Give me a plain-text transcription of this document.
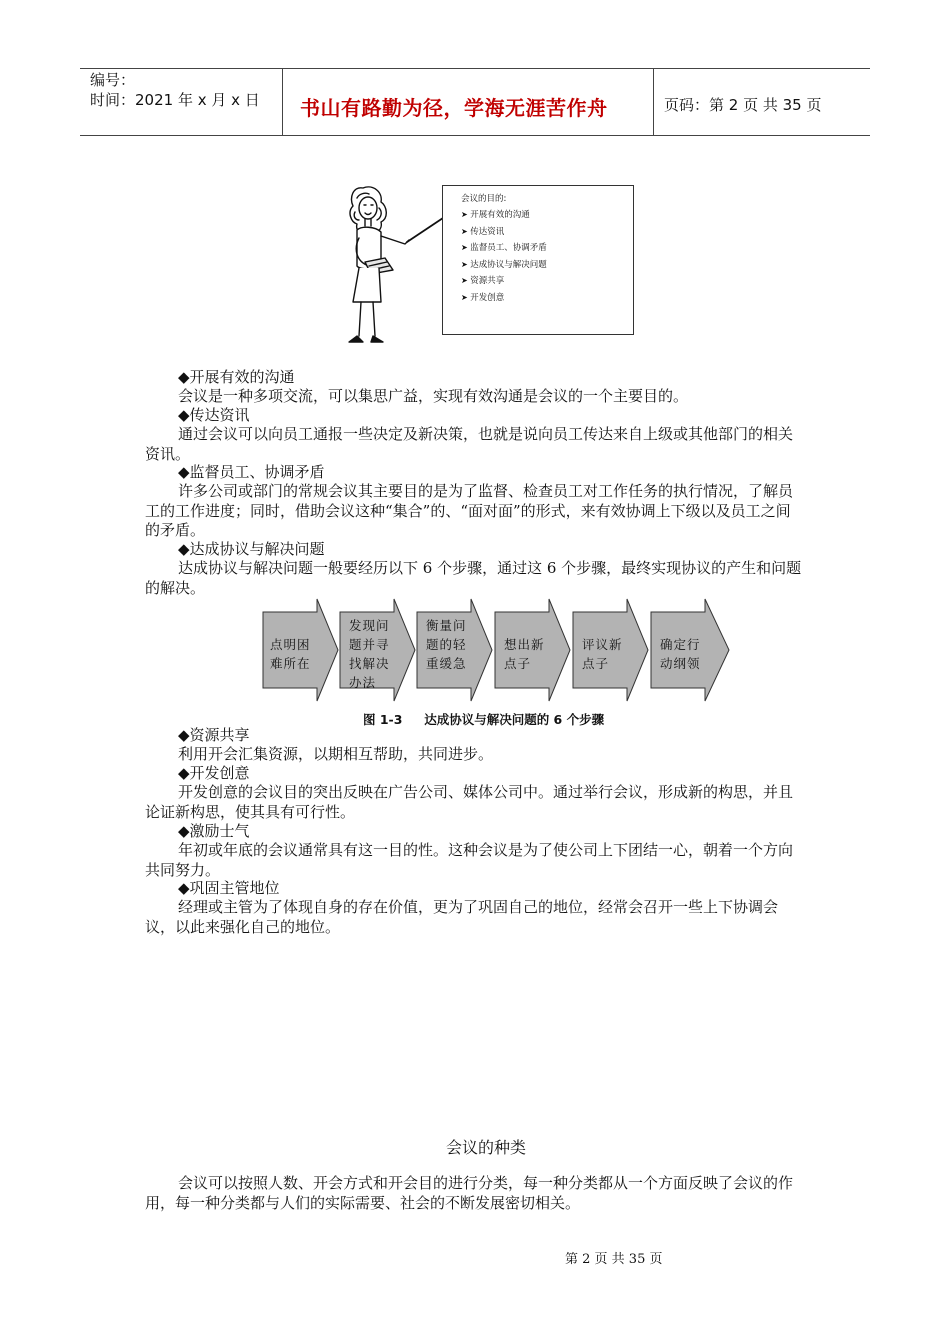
编号：
时间：2021 年 x 月 x 日 书山有路勤为径，学海无涯苦作舟	页码：第 2 页 共 35 页
会议的目的:
➤ 开展有效的沟通
➤ 传达资讯
➤ 监督员工、协调矛盾
➤ 达成协议与解决问题
➤ 资源共享
➤ 开发创意
◆开展有效的沟通
会议是一种多项交流，可以集思广益，实现有效沟通是会议的一个主要目的。
◆传达资讯
通过会议可以向员工通报一些决定及新决策，也就是说向员工传达来自上级或其他部门的相关资讯。
◆监督员工、协调矛盾
许多公司或部门的常规会议其主要目的是为了监督、检查员工对工作任务的执行情况，了解员工的工作进度；同时，借助会议这种“集合”的、“面对面”的形式，来有效协调上下级以及员工之间的矛盾。
◆达成协议与解决问题
达成协议与解决问题一般要经历以下 6 个步骤，通过这 6 个步骤，最终实现协议的产生和问题的解决。
点明困
难所在
发现问
题并寻
找解决
办法
衡量问
题的轻
重缓急
想出新
点子
评议新
点子
确定行
动纲领
图 1-3     达成协议与解决问题的 6 个步骤
◆资源共享
利用开会汇集资源，以期相互帮助，共同进步。
◆开发创意
开发创意的会议目的突出反映在广告公司、媒体公司中。通过举行会议，形成新的构思，并且论证新构思，使其具有可行性。
◆激励士气
年初或年底的会议通常具有这一目的性。这种会议是为了使公司上下团结一心，朝着一个方向共同努力。
◆巩固主管地位
经理或主管为了体现自身的存在价值，更为了巩固自己的地位，经常会召开一些上下协调会议，以此来强化自己的地位。
会议的种类
会议可以按照人数、开会方式和开会目的进行分类，每一种分类都从一个方面反映了会议的作用，每一种分类都与人们的实际需要、社会的不断发展密切相关。
第 2 页 共 35 页
